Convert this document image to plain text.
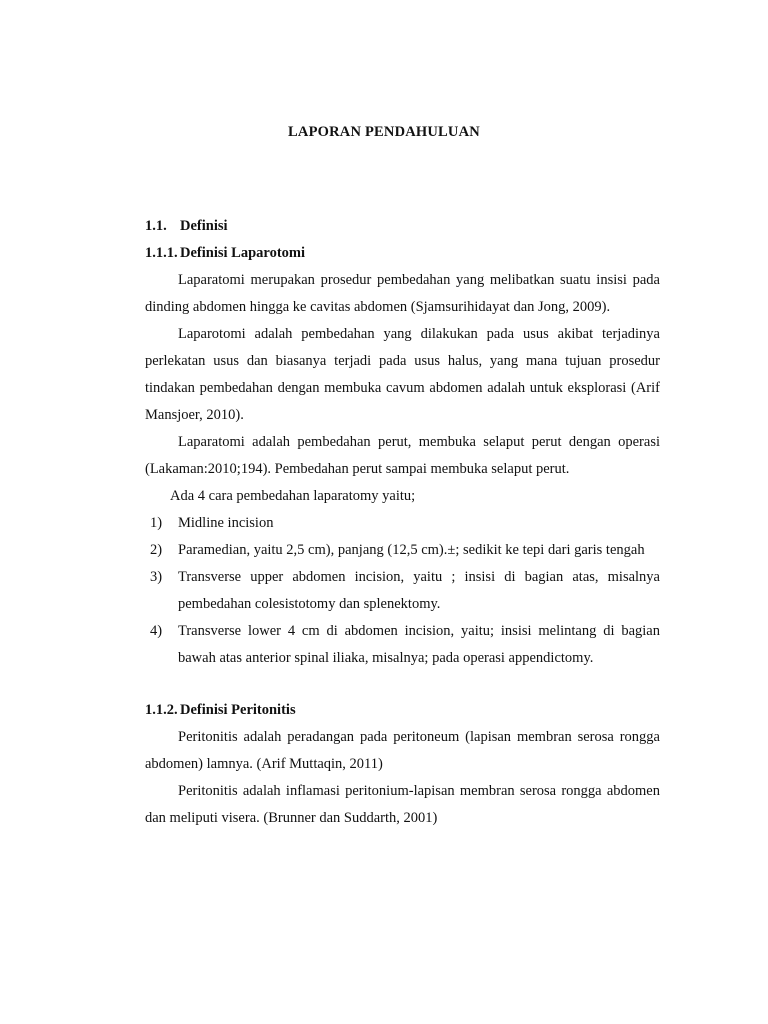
LAPORAN PENDAHULUAN
1.1. Definisi
1.1.1. Definisi Laparotomi
Laparatomi merupakan prosedur pembedahan yang melibatkan suatu insisi pada
dinding abdomen hingga ke cavitas abdomen (Sjamsurihidayat dan Jong, 2009).
Laparotomi adalah pembedahan yang dilakukan pada usus akibat terjadinya
perlekatan usus dan biasanya terjadi pada usus halus, yang mana tujuan prosedur
tindakan pembedahan dengan membuka cavum abdomen adalah untuk eksplorasi (Arif
Mansjoer, 2010).
Laparatomi adalah pembedahan perut, membuka selaput perut dengan operasi
(Lakaman:2010;194). Pembedahan perut sampai membuka selaput perut.
Ada 4 cara pembedahan laparatomy yaitu;
1)	Midline incision
2)	Paramedian, yaitu 2,5 cm), panjang (12,5 cm).±; sedikit ke tepi dari garis tengah
3)	Transverse upper abdomen incision, yaitu ; insisi di bagian atas, misalnya
pembedahan colesistotomy dan splenektomy.
4)	Transverse lower 4 cm di abdomen incision, yaitu; insisi melintang di bagian
bawah atas anterior spinal iliaka, misalnya; pada operasi appendictomy.
1.1.2. Definisi Peritonitis
Peritonitis adalah peradangan pada peritoneum (lapisan membran serosa rongga
abdomen) lamnya. (Arif Muttaqin, 2011)
Peritonitis adalah inflamasi peritonium-lapisan membran serosa rongga abdomen
dan meliputi visera. (Brunner dan Suddarth, 2001)
